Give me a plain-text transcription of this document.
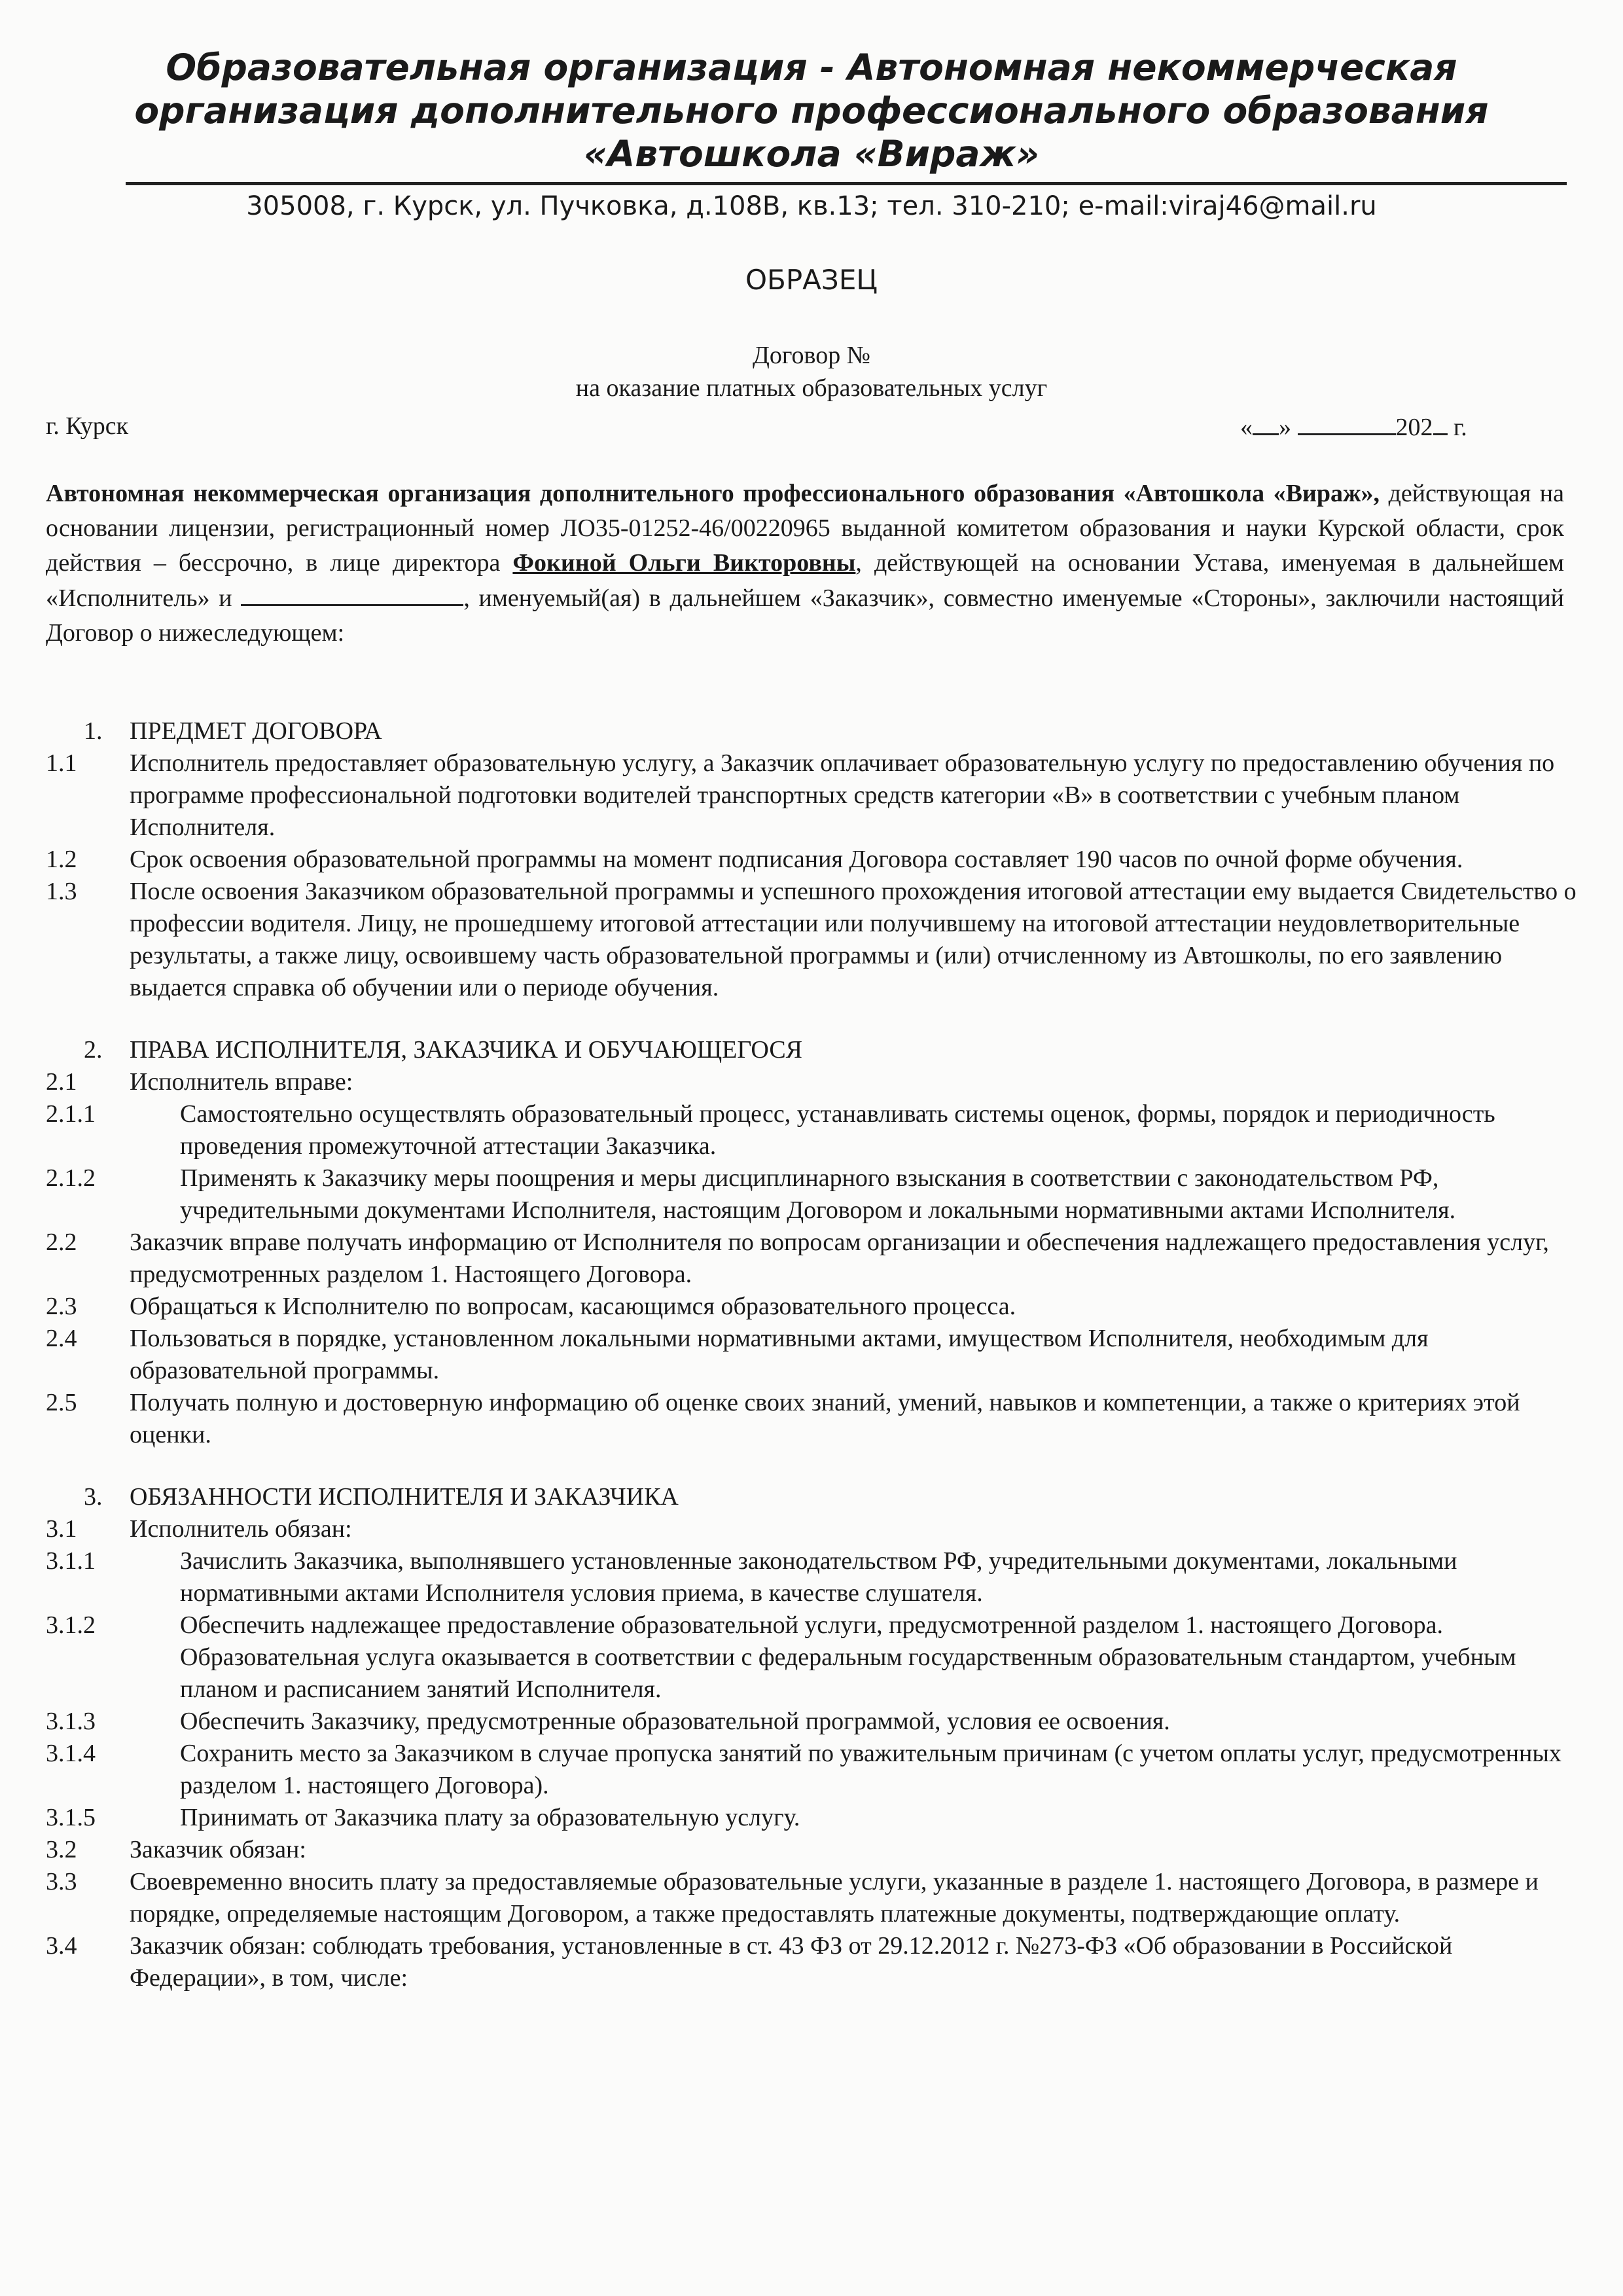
Образовательная организация - Автономная некоммерческая
организация дополнительного профессионального образования
«Автошкола «Вираж»
305008, г. Курск, ул. Пучковка, д.108В, кв.13; тел. 310-210; e-mail:viraj46@mail.ru
ОБРАЗЕЦ
Договор №
на оказание платных образовательных услуг
г. Курск	« »	202 г.
Автономная некоммерческая организация дополнительного профессионального образования «Автошкола «Вираж», действующая на основании лицензии, регистрационный номер ЛО35-01252-46/00220965 выданной комитетом образования и науки Курской области, срок действия – бессрочно, в лице директора Фокиной Ольги Викторовны, действующей на основании Устава, именуемая в дальнейшем «Исполнитель» и	, именуемый(ая) в дальнейшем «Заказчик», совместно именуемые «Стороны», заключили настоящий Договор о нижеследующем:
1.	ПРЕДМЕТ ДОГОВОРА
1.1	Исполнитель предоставляет образовательную услугу, а Заказчик оплачивает образовательную услугу по предоставлению обучения по программе профессиональной подготовки водителей транспортных средств категории «В» в соответствии с учебным планом Исполнителя.
1.2	Срок освоения образовательной программы на момент подписания Договора составляет 190 часов по очной форме обучения.
1.3	После освоения Заказчиком образовательной программы и успешного прохождения итоговой аттестации ему выдается Свидетельство о профессии водителя. Лицу, не прошедшему итоговой аттестации или получившему на итоговой аттестации неудовлетворительные результаты, а также лицу, освоившему часть образовательной программы и (или) отчисленному из Автошколы, по его заявлению выдается справка об обучении или о периоде обучения.
2.	ПРАВА ИСПОЛНИТЕЛЯ, ЗАКАЗЧИКА И ОБУЧАЮЩЕГОСЯ
2.1	Исполнитель вправе:
2.1.1	Самостоятельно осуществлять образовательный процесс, устанавливать системы оценок, формы, порядок и периодичность проведения промежуточной аттестации Заказчика.
2.1.2	Применять к Заказчику меры поощрения и меры дисциплинарного взыскания в соответствии с законодательством РФ, учредительными документами Исполнителя, настоящим Договором и локальными нормативными актами Исполнителя.
2.2	Заказчик вправе получать информацию от Исполнителя по вопросам организации и обеспечения надлежащего предоставления услуг, предусмотренных разделом 1. Настоящего Договора.
2.3	Обращаться к Исполнителю по вопросам, касающимся образовательного процесса.
2.4	Пользоваться в порядке, установленном локальными нормативными актами, имуществом Исполнителя, необходимым для образовательной программы.
2.5	Получать полную и достоверную информацию об оценке своих знаний, умений, навыков и компетенции, а также о критериях этой оценки.
3.	ОБЯЗАННОСТИ ИСПОЛНИТЕЛЯ И ЗАКАЗЧИКА
3.1	Исполнитель обязан:
3.1.1	Зачислить Заказчика, выполнявшего установленные законодательством РФ, учредительными документами, локальными нормативными актами Исполнителя условия приема, в качестве слушателя.
3.1.2	Обеспечить надлежащее предоставление образовательной услуги, предусмотренной разделом 1. настоящего Договора. Образовательная услуга оказывается в соответствии с федеральным государственным образовательным стандартом, учебным планом и расписанием занятий Исполнителя.
3.1.3	Обеспечить Заказчику, предусмотренные образовательной программой, условия ее освоения.
3.1.4	Сохранить место за Заказчиком в случае пропуска занятий по уважительным причинам (с учетом оплаты услуг, предусмотренных разделом 1. настоящего Договора).
3.1.5	Принимать от Заказчика плату за образовательную услугу.
3.2	Заказчик обязан:
3.3	Своевременно вносить плату за предоставляемые образовательные услуги, указанные в разделе 1. настоящего Договора, в размере и порядке, определяемые настоящим Договором, а также предоставлять платежные документы, подтверждающие оплату.
3.4	Заказчик обязан: соблюдать требования, установленные в ст. 43 ФЗ от 29.12.2012 г. №273-ФЗ «Об образовании в Российской Федерации», в том, числе:
